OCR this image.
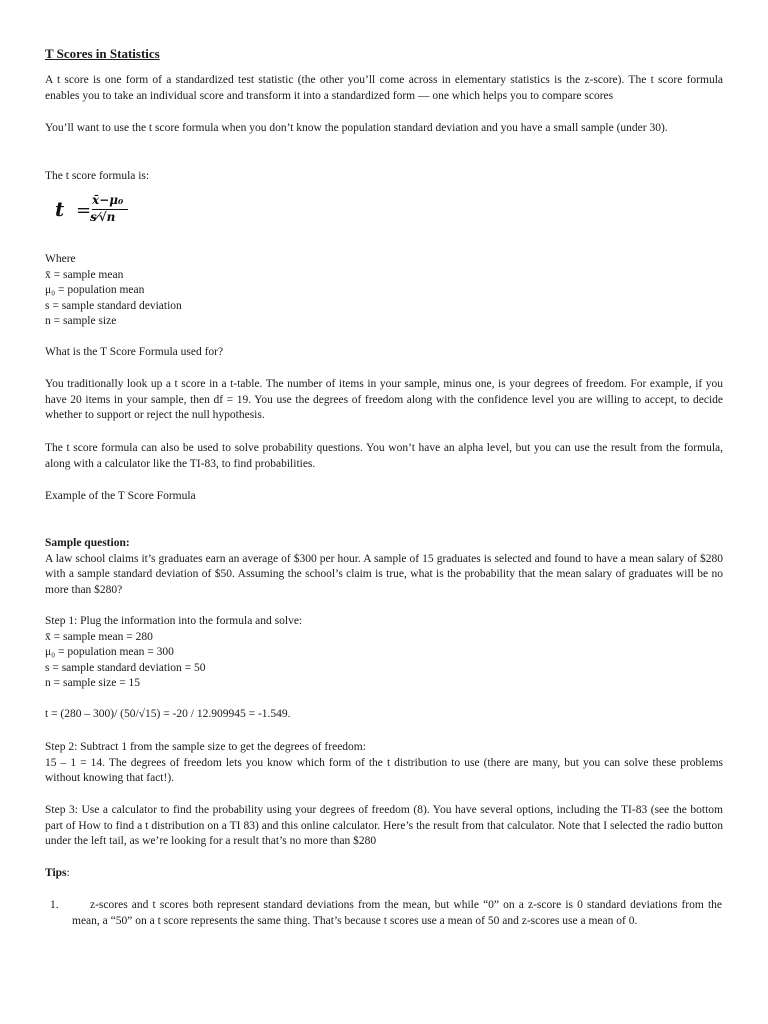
T Scores in Statistics

A t score is one form of a standardized test statistic (the other you’ll come across in elementary statistics is the z-score). The t score formula enables you to take an individual score and transform it into a standardized form — one which helps you to compare scores

You’ll want to use the t score formula when you don’t know the population standard deviation and you have a small sample (under 30).

The t score formula is:

t = x̄−μ₀
s⁄√n
Where
x̄ = sample mean
μ₀ = population mean
s = sample standard deviation
n = sample size

What is the T Score Formula used for?

You traditionally look up a t score in a t-table. The number of items in your sample, minus one, is your degrees of freedom. For example, if you have 20 items in your sample, then df = 19. You use the degrees of freedom along with the confidence level you are willing to accept, to decide whether to support or reject the null hypothesis.

The t score formula can also be used to solve probability questions. You won’t have an alpha level, but you can use the result from the formula, along with a calculator like the TI-83, to find probabilities.

Example of the T Score Formula

Sample question:
A law school claims it’s graduates earn an average of $300 per hour. A sample of 15 graduates is selected and found to have a mean salary of $280 with a sample standard deviation of $50. Assuming the school’s claim is true, what is the probability that the mean salary of graduates will be no more than $280?
Step 1: Plug the information into the formula and solve:
x̄ = sample mean = 280
μ₀ = population mean = 300
s = sample standard deviation = 50
n = sample size = 15

t = (280 – 300)/ (50/√15) = -20 / 12.909945 = -1.549.

Step 2: Subtract 1 from the sample size to get the degrees of freedom:
15 – 1 = 14. The degrees of freedom lets you know which form of the t distribution to use (there are many, but you can solve these problems without knowing that fact!).

Step 3: Use a calculator to find the probability using your degrees of freedom (8). You have several options, including the TI-83 (see the bottom part of How to find a t distribution on a TI 83) and this online calculator. Here’s the result from that calculator. Note that I selected the radio button under the left tail, as we’re looking for a result that’s no more than $280

Tips:

1.	z-scores and t scores both represent standard deviations from the mean, but while “0” on a z-score is 0 standard deviations from the mean, a “50” on a t score represents the same thing. That’s because t scores use a mean of 50 and z-scores use a mean of 0.
